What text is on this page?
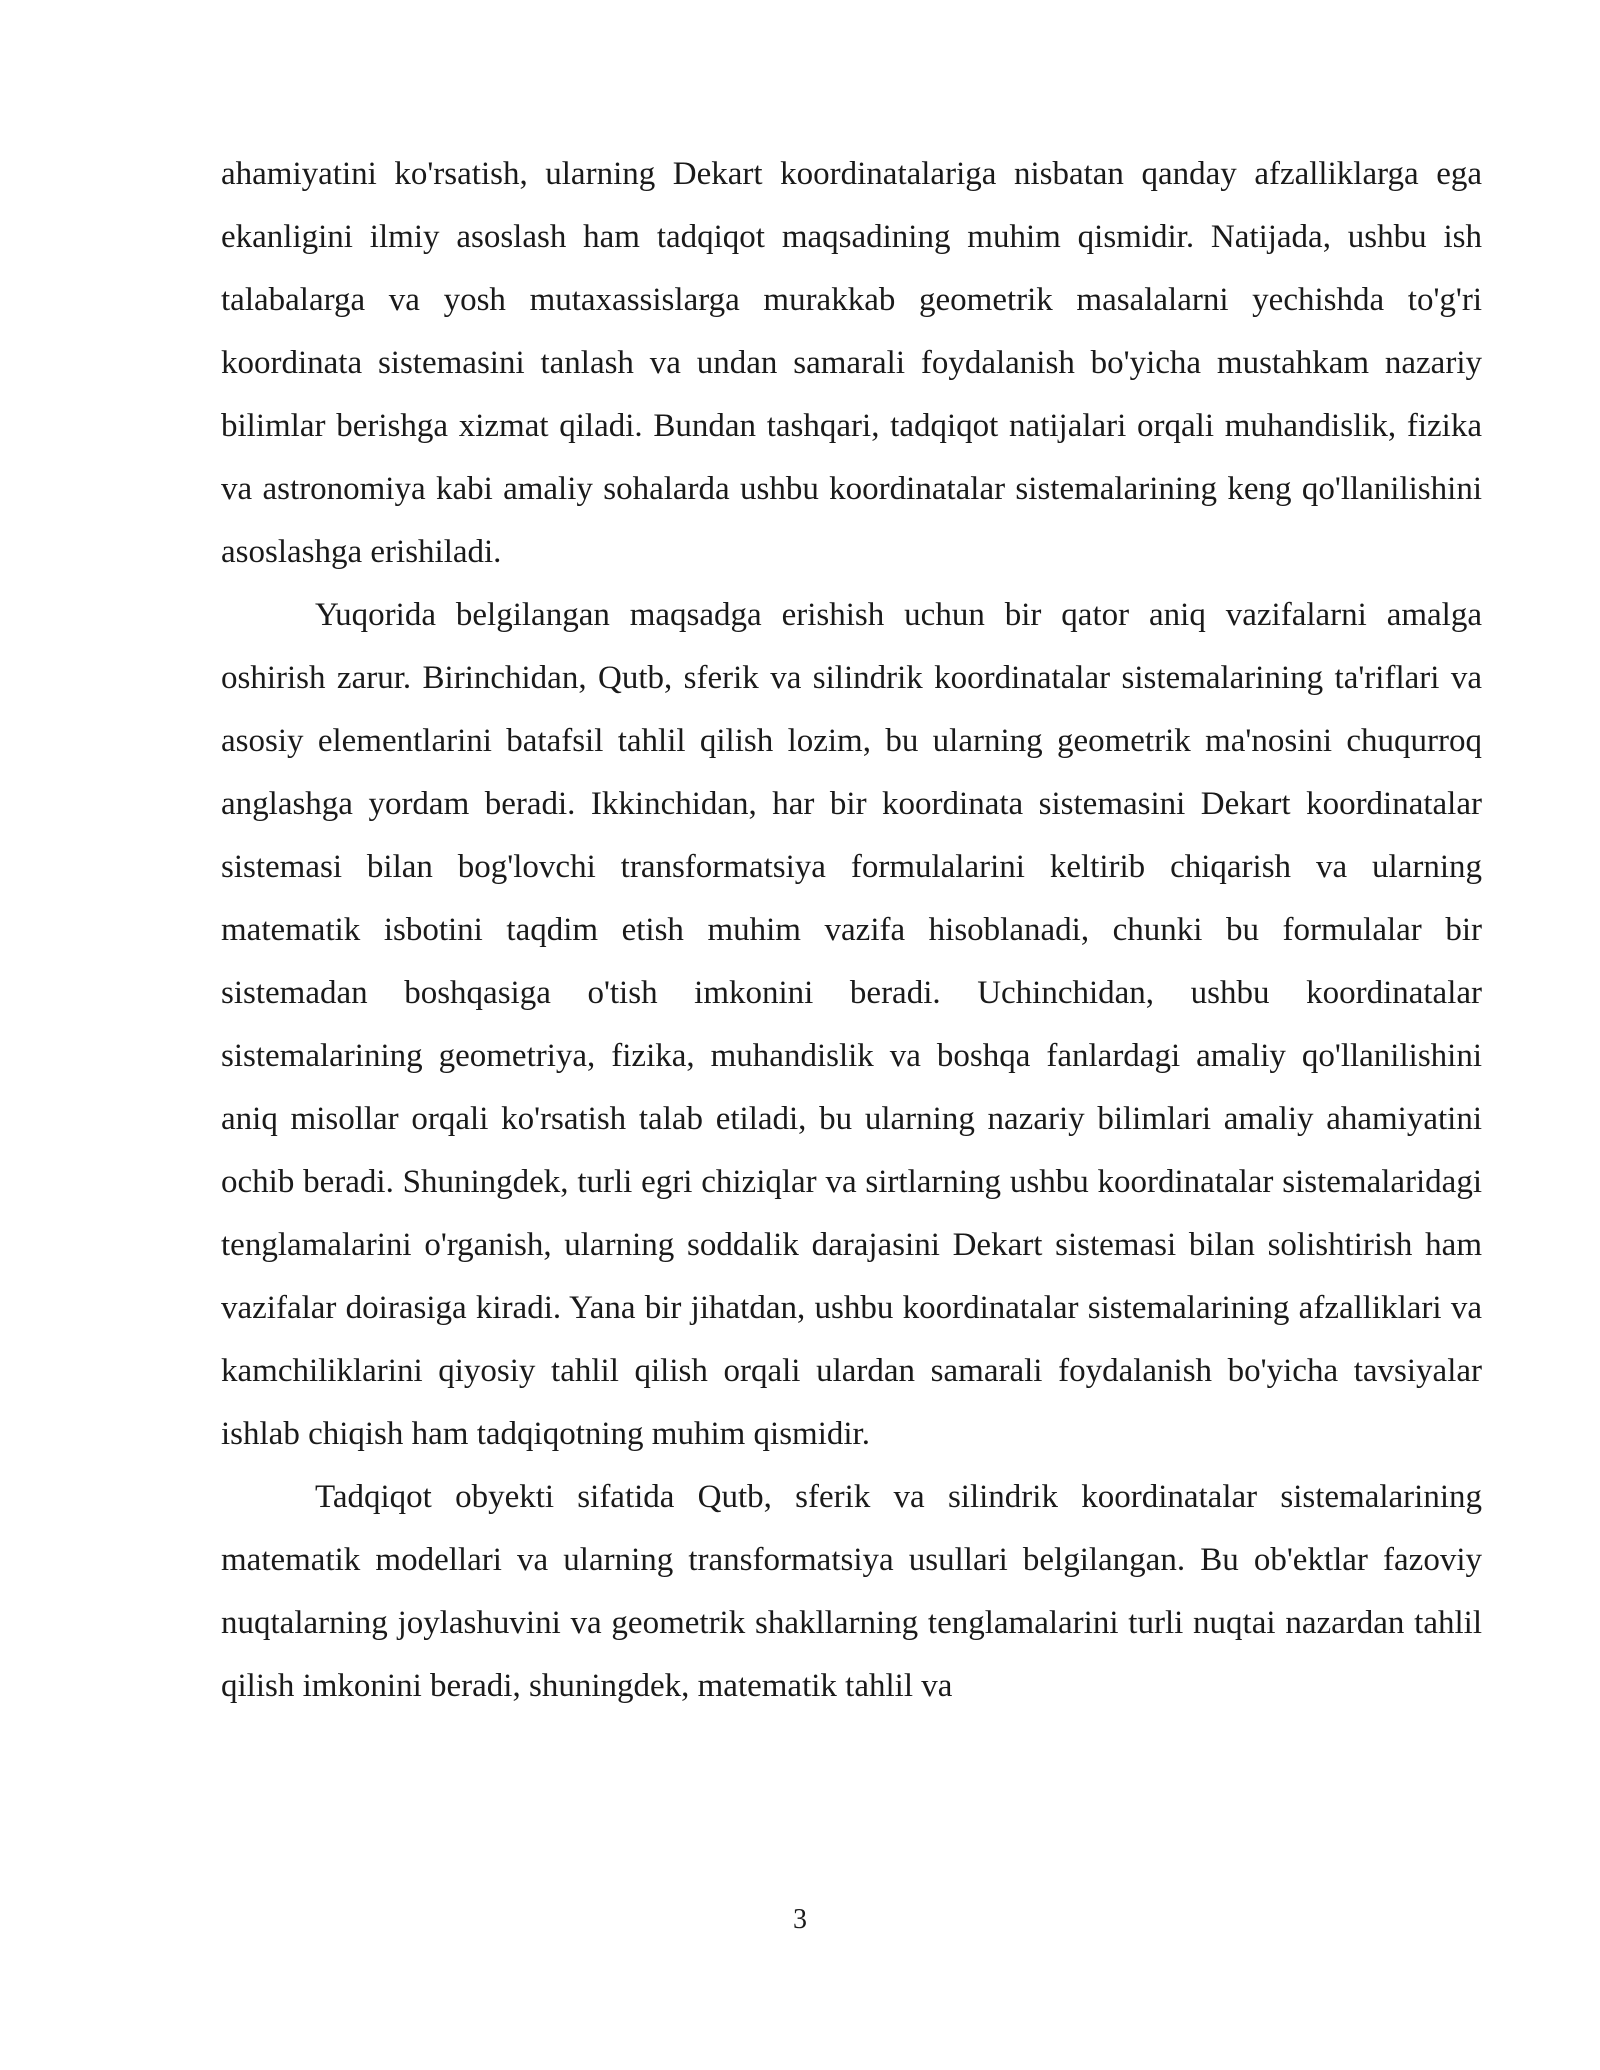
ahamiyatini ko'rsatish, ularning Dekart koordinatalariga nisbatan qanday afzalliklarga ega ekanligini ilmiy asoslash ham tadqiqot maqsadining muhim qismidir. Natijada, ushbu ish talabalarga va yosh mutaxassislarga murakkab geometrik masalalarni yechishda to'g'ri koordinata sistemasini tanlash va undan samarali foydalanish bo'yicha mustahkam nazariy bilimlar berishga xizmat qiladi. Bundan tashqari, tadqiqot natijalari orqali muhandislik, fizika va astronomiya kabi amaliy sohalarda ushbu koordinatalar sistemalarining keng qo'llanilishini asoslashga erishiladi.

Yuqorida belgilangan maqsadga erishish uchun bir qator aniq vazifalarni amalga oshirish zarur. Birinchidan, Qutb, sferik va silindrik koordinatalar sistemalarining ta'riflari va asosiy elementlarini batafsil tahlil qilish lozim, bu ularning geometrik ma'nosini chuqurroq anglashga yordam beradi. Ikkinchidan, har bir koordinata sistemasini Dekart koordinatalar sistemasi bilan bog'lovchi transformatsiya formulalarini keltirib chiqarish va ularning matematik isbotini taqdim etish muhim vazifa hisoblanadi, chunki bu formulalar bir sistemadan boshqasiga o'tish imkonini beradi. Uchinchidan, ushbu koordinatalar sistemalarining geometriya, fizika, muhandislik va boshqa fanlardagi amaliy qo'llanilishini aniq misollar orqali ko'rsatish talab etiladi, bu ularning nazariy bilimlari amaliy ahamiyatini ochib beradi. Shuningdek, turli egri chiziqlar va sirtlarning ushbu koordinatalar sistemalaridagi tenglamalarini o'rganish, ularning soddalik darajasini Dekart sistemasi bilan solishtirish ham vazifalar doirasiga kiradi. Yana bir jihatdan, ushbu koordinatalar sistemalarining afzalliklari va kamchiliklarini qiyosiy tahlil qilish orqali ulardan samarali foydalanish bo'yicha tavsiyalar ishlab chiqish ham tadqiqotning muhim qismidir.

Tadqiqot obyekti sifatida Qutb, sferik va silindrik koordinatalar sistemalarining matematik modellari va ularning transformatsiya usullari belgilangan. Bu ob'ektlar fazoviy nuqtalarning joylashuvini va geometrik shakllarning tenglamalarini turli nuqtai nazardan tahlil qilish imkonini beradi, shuningdek, matematik tahlil va

3
